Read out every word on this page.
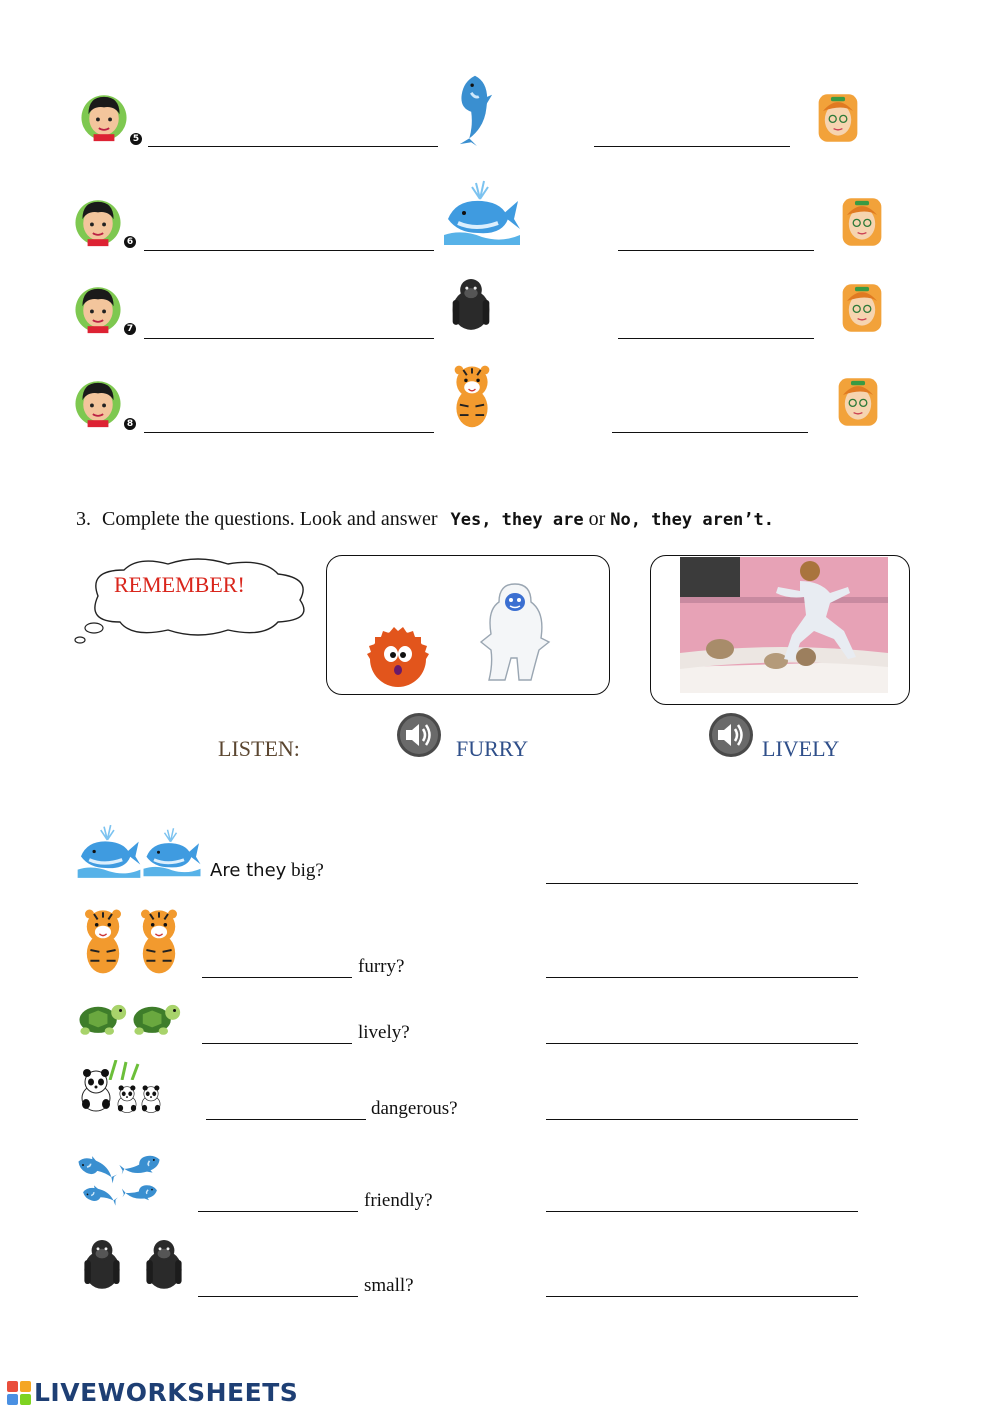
5
6
7
8
3. Complete the questions. Look and answer Yes, they are or No, they aren’t.
REMEMBER!
LISTEN:	FURRY	LIVELY
Are they big?
furry?
lively?
dangerous?
friendly?
small?
LIVEWORKSHEETS
